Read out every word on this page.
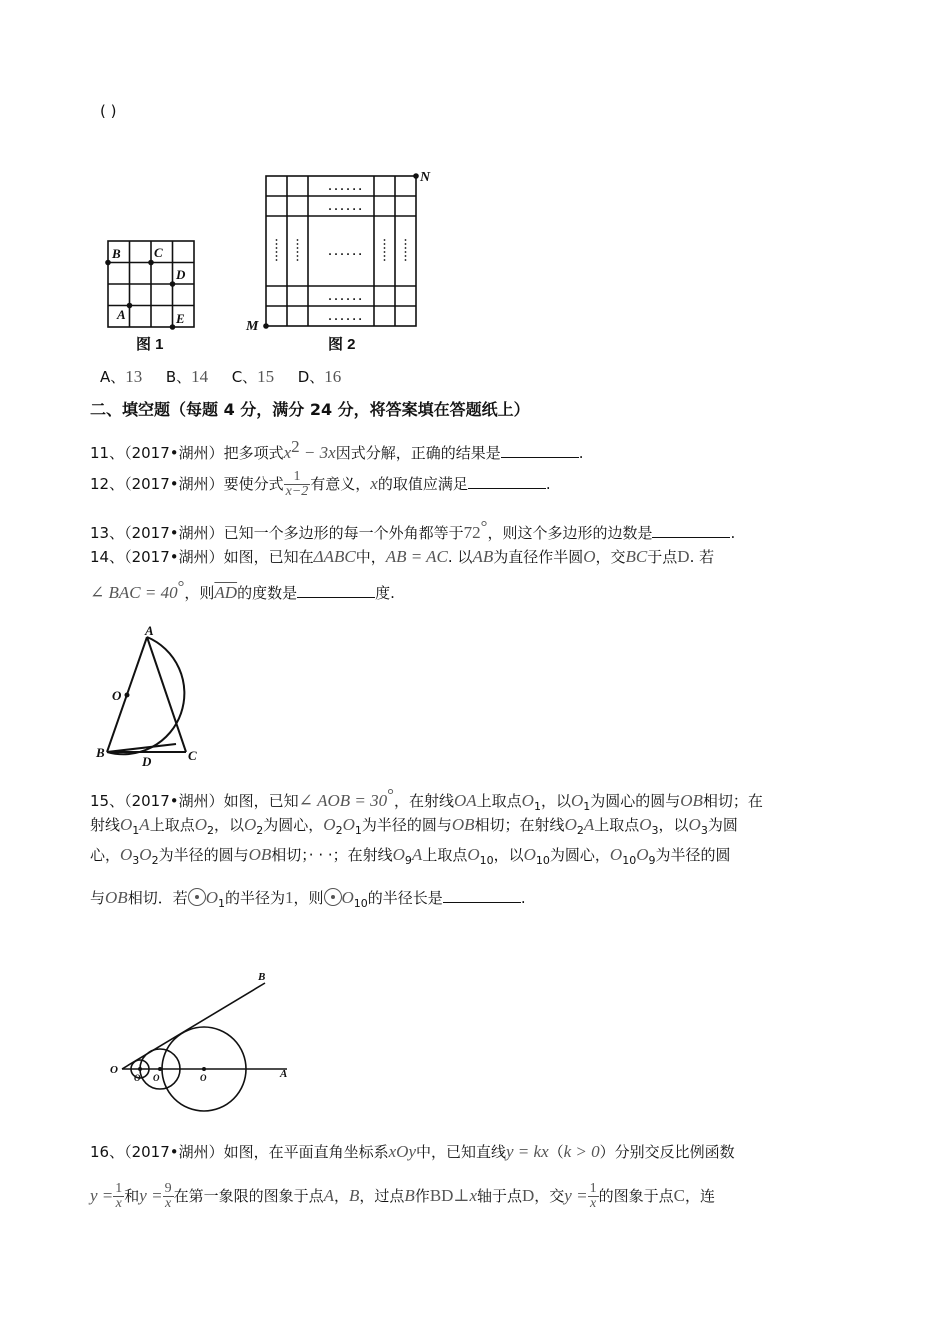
( )
B	C
D
A	E
图 1
......
......
......
......
......
N
M
图 2
A、13 B、14 C、15 D、16
二、填空题（每题 4 分，满分 24 分，将答案填在答题纸上）
11、（2017•湖州）把多项式$x^2 - 3x$因式分解，正确的结果是	.
12、（2017•湖州）要使分式 $\frac{1}{x-2}$ 有意义，x的取值应满足	.
13、（2017•湖州）已知一个多边形的每一个外角都等于72°，则这个多边形的边数是	.
14、（2017•湖州）如图，已知在ΔABC中，AB = AC. 以AB为直径作半圆O，交BC于点D. 若
∠ BAC = 40°，则$\overline{AD}$的度数是	度.
A
O
B
D	C
15、（2017•湖州）如图，已知∠ AOB = 30°，在射线OA上取点$O_1$，以$O_1$为圆心的圆与OB相切；在
射线$O_1A$上取点$O_2$，以$O_2$为圆心，$O_2O_1$为半径的圆与OB相切；在射线$O_2A$上取点$O_3$，以$O_3$为圆
心，$O_3O_2$为半径的圆与OB相切；· · ·；在射线$O_9A$上取点$O_{10}$，以$O_{10}$为圆心，$O_{10}O_9$为半径的圆
与OB相切．若 $O_1$的半径为1，则 $O_{10}$的半径长是	.
O
B
A
O O	O
16、（2017•湖州）如图，在平面直角坐标系xOy中，已知直线y = kx（k > 0）分别交反比例函数
$y = \frac{1}{x}$ 和$y = \frac{9}{x}$ 在第一象限的图象于点A，B，过点B作BD⊥x轴于点D，交$y = \frac{1}{x}$ 的图象于点C，连
